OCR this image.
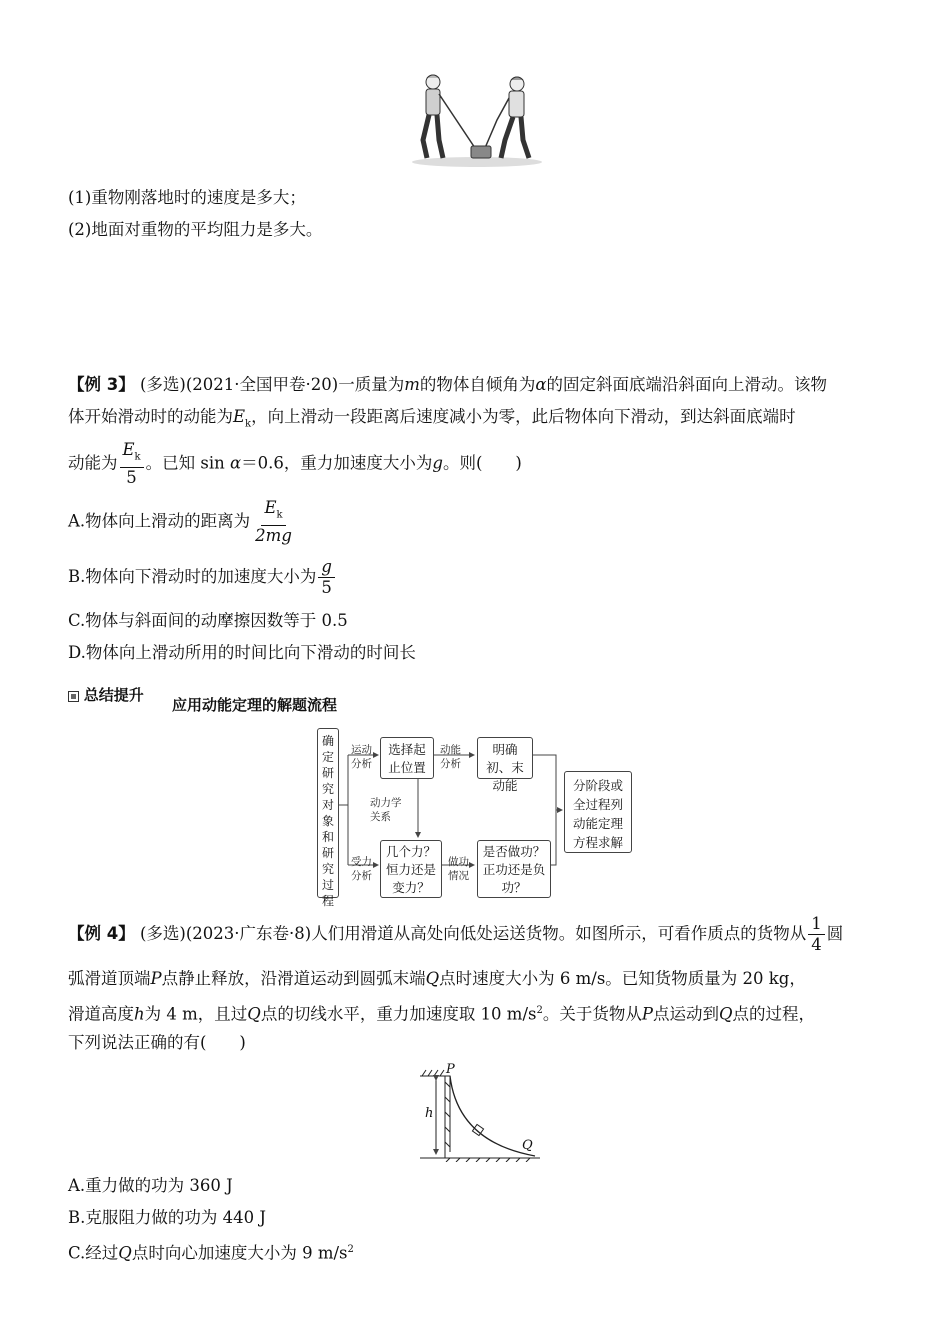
(1)重物刚落地时的速度是多大；
(2)地面对重物的平均阻力是多大。
【例 3】 (多选)(2021·全国甲卷·20)一质量为m的物体自倾角为α的固定斜面底端沿斜面向上滑动。该物
体开始滑动时的动能为$E_k$，向上滑动一段距离后速度减小为零，此后物体向下滑动，到达斜面底端时
动能为 $\frac{E_k}{5}$ 。已知 sin α＝0.6，重力加速度大小为g。则(　　)
A.物体向上滑动的距离为 $\frac{E_k}{2mg}$
B.物体向下滑动时的加速度大小为 $\frac{g}{5}$
C.物体与斜面间的动摩擦因数等于 0.5
D.物体向上滑动所用的时间比向下滑动的时间长
总结提升
应用动能定理的解题流程
确定研究对象和研究过程
运动分析
选择起止位置
动能分析
明确初、末动能
动力学关系
受力分析
几个力？恒力还是变力？
做功情况
是否做功？正功还是负功？
分阶段或全过程列动能定理方程求解
【例 4】 (多选)(2023·广东卷·8)人们用滑道从高处向低处运送货物。如图所示，可看作质点的货物从 $\frac{1}{4}$ 圆
弧滑道顶端P点静止释放，沿滑道运动到圆弧末端Q点时速度大小为 6 m/s。已知货物质量为 20 kg，
滑道高度h为 4 m，且过Q点的切线水平，重力加速度取 10 $m/s^2$。关于货物从P点运动到Q点的过程，
下列说法正确的有(　　)
P
h
Q
A.重力做的功为 360 J
B.克服阻力做的功为 440 J
C.经过Q点时向心加速度大小为 9 $m/s^2$
